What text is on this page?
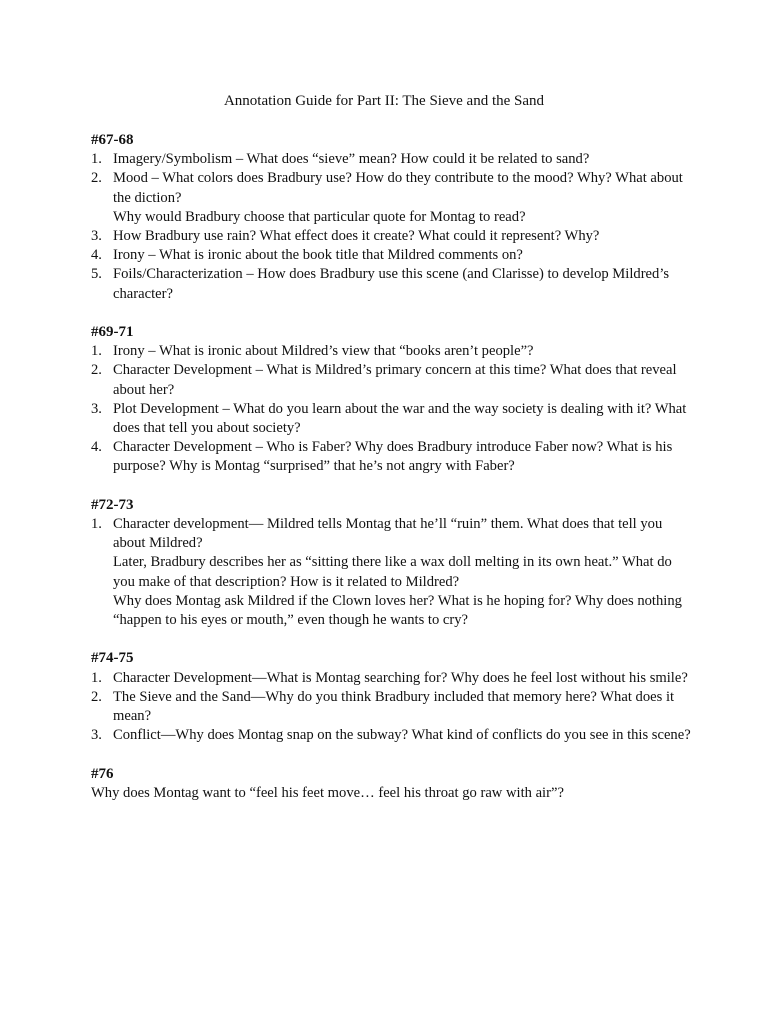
Annotation Guide for Part II: The Sieve and the Sand
#67-68
1. Imagery/Symbolism – What does “sieve” mean? How could it be related to sand?
2. Mood – What colors does Bradbury use? How do they contribute to the mood? Why? What about the diction?
Why would Bradbury choose that particular quote for Montag to read?
3. How Bradbury use rain? What effect does it create? What could it represent? Why?
4. Irony – What is ironic about the book title that Mildred comments on?
5. Foils/Characterization – How does Bradbury use this scene (and Clarisse) to develop Mildred’s character?
#69-71
1. Irony – What is ironic about Mildred’s view that “books aren’t people”?
2. Character Development – What is Mildred’s primary concern at this time? What does that reveal about her?
3. Plot Development – What do you learn about the war and the way society is dealing with it? What does that tell you about society?
4. Character Development – Who is Faber? Why does Bradbury introduce Faber now? What is his purpose? Why is Montag “surprised” that he’s not angry with Faber?
#72-73
1. Character development— Mildred tells Montag that he’ll “ruin” them. What does that tell you about Mildred?
Later, Bradbury describes her as “sitting there like a wax doll melting in its own heat.” What do you make of that description? How is it related to Mildred?
Why does Montag ask Mildred if the Clown loves her? What is he hoping for? Why does nothing “happen to his eyes or mouth,” even though he wants to cry?
#74-75
1. Character Development—What is Montag searching for? Why does he feel lost without his smile?
2. The Sieve and the Sand—Why do you think Bradbury included that memory here? What does it mean?
3. Conflict—Why does Montag snap on the subway? What kind of conflicts do you see in this scene?
#76

Why does Montag want to “feel his feet move… feel his throat go raw with air”?
